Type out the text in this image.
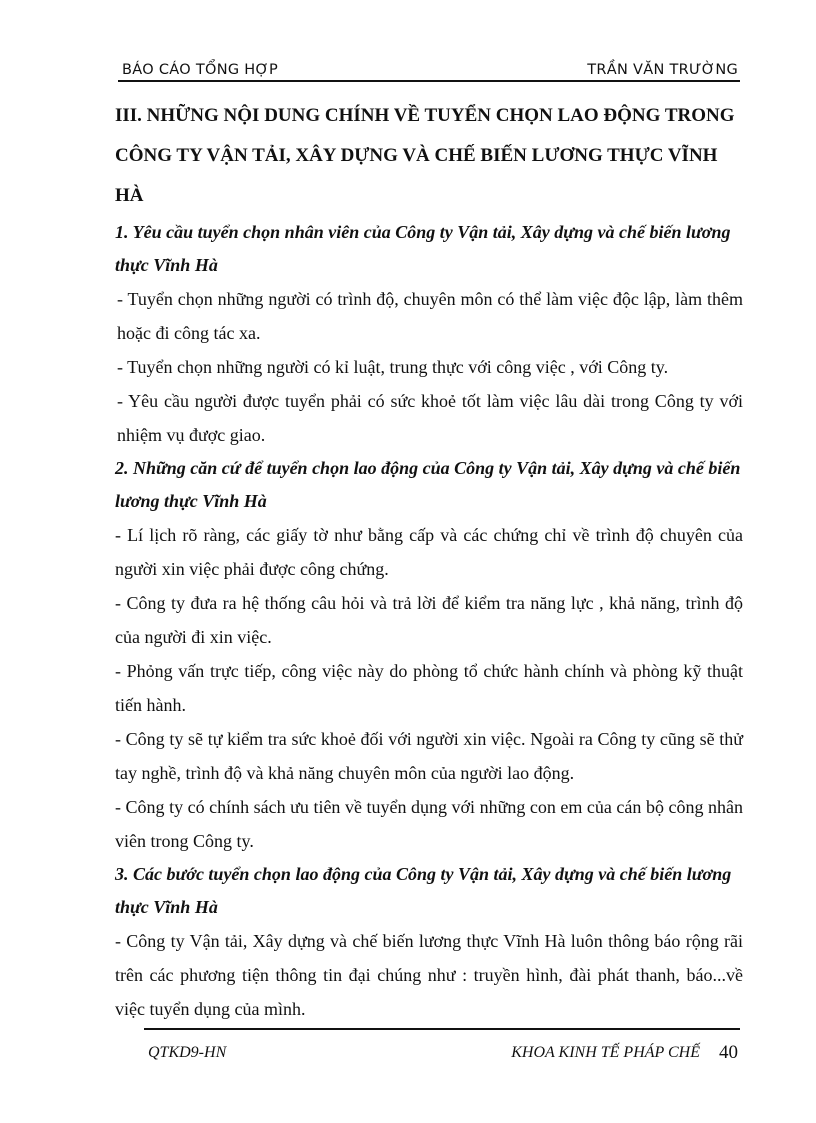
BÁO CÁO TỔNG HỢP	TRẦN VĂN TRƯỜNG

III. NHỮNG NỘI DUNG CHÍNH VỀ TUYỂN CHỌN LAO ĐỘNG TRONG

CÔNG TY VẬN TẢI, XÂY DỰNG VÀ CHẾ BIẾN LƯƠNG THỰC VĨNH HÀ

1. Yêu cầu tuyển chọn nhân viên của Công ty Vận tải, Xây dựng và chế biến lương thực Vĩnh Hà

- Tuyển chọn những người có trình độ, chuyên môn có thể làm việc độc lập, làm thêm hoặc đi công tác xa.

- Tuyển chọn những người có kỉ luật, trung thực với công việc , với Công ty.

- Yêu cầu người được tuyển phải có sức khoẻ tốt làm việc lâu dài trong Công ty với nhiệm vụ được giao.

2. Những căn cứ để tuyển chọn lao động của Công ty Vận tải, Xây dựng và chế biến lương thực Vĩnh Hà

- Lí lịch rõ ràng, các giấy tờ như bằng cấp và các chứng chỉ về trình độ chuyên của người xin việc phải được công chứng.

- Công ty đưa ra hệ thống câu hỏi và trả lời để kiểm tra năng lực , khả năng, trình độ của người đi xin việc.

- Phỏng vấn trực tiếp, công việc này do phòng tổ chức hành chính và phòng kỹ thuật tiến hành.

- Công ty sẽ tự kiểm tra sức khoẻ đối với người xin việc. Ngoài ra Công ty cũng sẽ thử tay nghề, trình độ và khả năng chuyên môn của người lao động.

- Công ty có chính sách ưu tiên về tuyển dụng với những con em của cán bộ công nhân viên trong Công ty.

3. Các bước tuyển chọn lao động của Công ty Vận tải, Xây dựng và chế biến lương thực Vĩnh Hà

- Công ty Vận tải, Xây dựng và chế biến lương thực Vĩnh Hà luôn thông báo rộng rãi trên các phương tiện thông tin đại chúng như : truyền hình, đài phát thanh, báo...về việc tuyển dụng của mình.

QTKD9-HN	KHOA KINH TẾ PHÁP CHẾ 40
